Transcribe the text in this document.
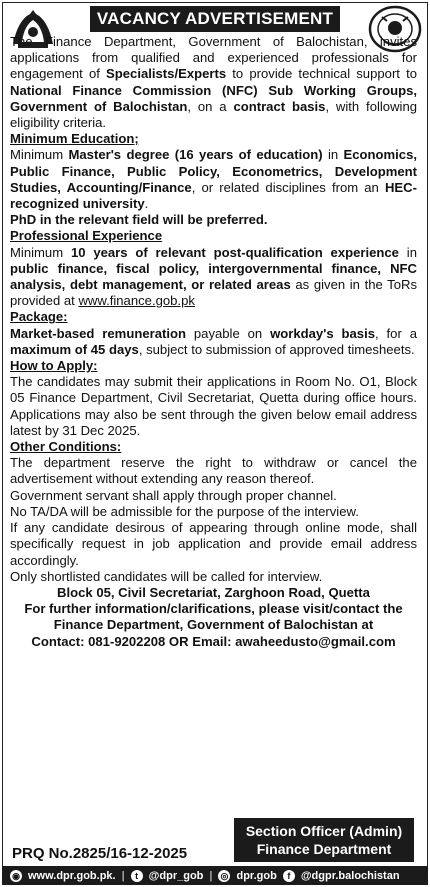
VACANCY ADVERTISEMENT

The Finance Department, Government of Balochistan, invites applications from qualified and experienced professionals for engagement of Specialists/Experts to provide technical support to National Finance Commission (NFC) Sub Working Groups, Government of Balochistan, on a contract basis, with following eligibility criteria.

Minimum Education;

Minimum Master's degree (16 years of education) in Economics, Public Finance, Public Policy, Econometrics, Development Studies, Accounting/Finance, or related disciplines from an HEC-recognized university.

PhD in the relevant field will be preferred.

Professional Experience

Minimum 10 years of relevant post-qualification experience in public finance, fiscal policy, intergovernmental finance, NFC analysis, debt management, or related areas as given in the ToRs provided at www.finance.gob.pk

Package:

Market-based remuneration payable on workday's basis, for a maximum of 45 days, subject to submission of approved timesheets.

How to Apply:

The candidates may submit their applications in Room No. O1, Block 05 Finance Department, Civil Secretariat, Quetta during office hours. Applications may also be sent through the given below email address latest by 31 Dec 2025.

Other Conditions:

The department reserve the right to withdraw or cancel the advertisement without extending any reason thereof.

Government servant shall apply through proper channel.

No TA/DA will be admissible for the purpose of the interview.

If any candidate desirous of appearing through online mode, shall specifically request in job application and provide email address accordingly.

Only shortlisted candidates will be called for interview.

Block 05, Civil Secretariat, Zarghoon Road, Quetta

For further information/clarifications, please visit/contact the

Finance Department, Government of Balochistan at

Contact: 081-9202208 OR Email: awaheedusto@gmail.com

Section Officer (Admin)
Finance Department
PRQ No.2825/16-12-2025
◉ www.dpr.gob.pk. |	t @dpr_gob | ◎ dpr.gob	f @dgpr.balochistan
